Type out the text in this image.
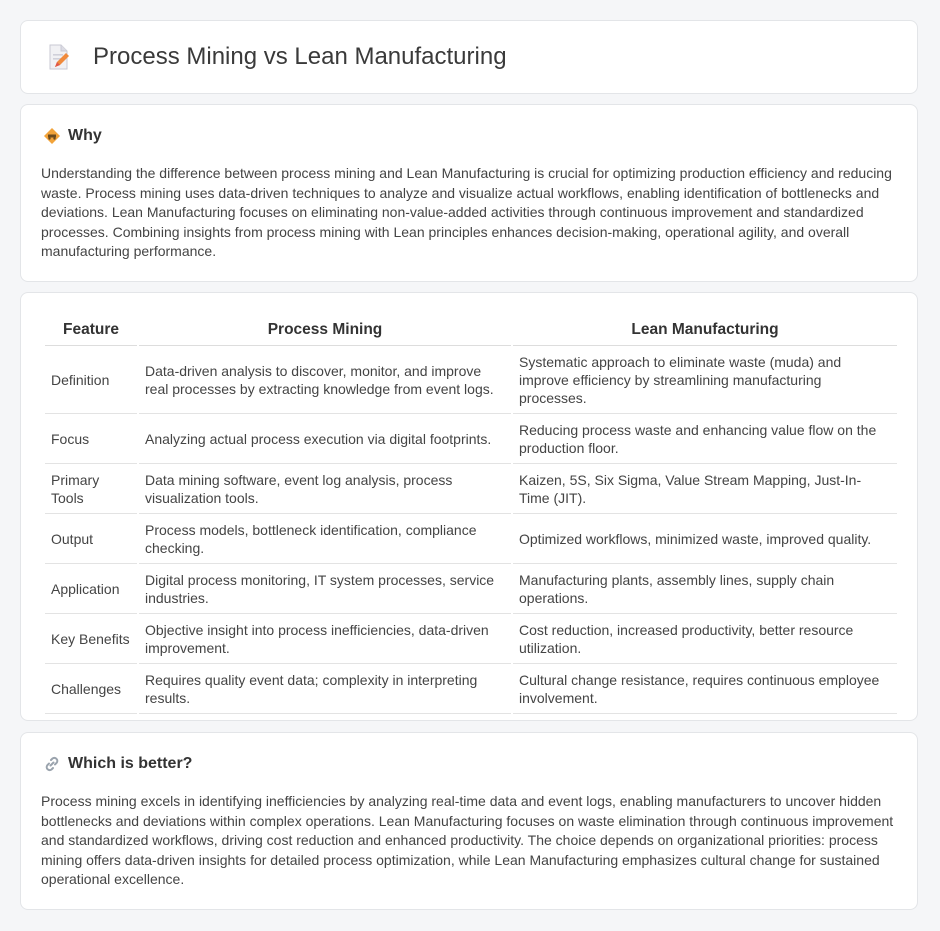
Process Mining vs Lean Manufacturing
Why

Understanding the difference between process mining and Lean Manufacturing is crucial for optimizing production efficiency and reducing waste. Process mining uses data-driven techniques to analyze and visualize actual workflows, enabling identification of bottlenecks and deviations. Lean Manufacturing focuses on eliminating non-value-added activities through continuous improvement and standardized processes. Combining insights from process mining with Lean principles enhances decision-making, operational agility, and overall manufacturing performance.

Feature	Process Mining	Lean Manufacturing
Definition	Data-driven analysis to discover, monitor, and improve real processes by extracting knowledge from event logs.	Systematic approach to eliminate waste (muda) and improve efficiency by streamlining manufacturing processes.
Focus	Analyzing actual process execution via digital footprints.	Reducing process waste and enhancing value flow on the production floor.
Primary Tools	Data mining software, event log analysis, process visualization tools.	Kaizen, 5S, Six Sigma, Value Stream Mapping, Just-In-Time (JIT).
Output	Process models, bottleneck identification, compliance checking.	Optimized workflows, minimized waste, improved quality.
Application	Digital process monitoring, IT system processes, service industries.	Manufacturing plants, assembly lines, supply chain operations.
Key Benefits	Objective insight into process inefficiencies, data-driven improvement.	Cost reduction, increased productivity, better resource utilization.
Challenges	Requires quality event data; complexity in interpreting results.	Cultural change resistance, requires continuous employee involvement.
Which is better?

Process mining excels in identifying inefficiencies by analyzing real-time data and event logs, enabling manufacturers to uncover hidden bottlenecks and deviations within complex operations. Lean Manufacturing focuses on waste elimination through continuous improvement and standardized workflows, driving cost reduction and enhanced productivity. The choice depends on organizational priorities: process mining offers data-driven insights for detailed process optimization, while Lean Manufacturing emphasizes cultural change for sustained operational excellence.
